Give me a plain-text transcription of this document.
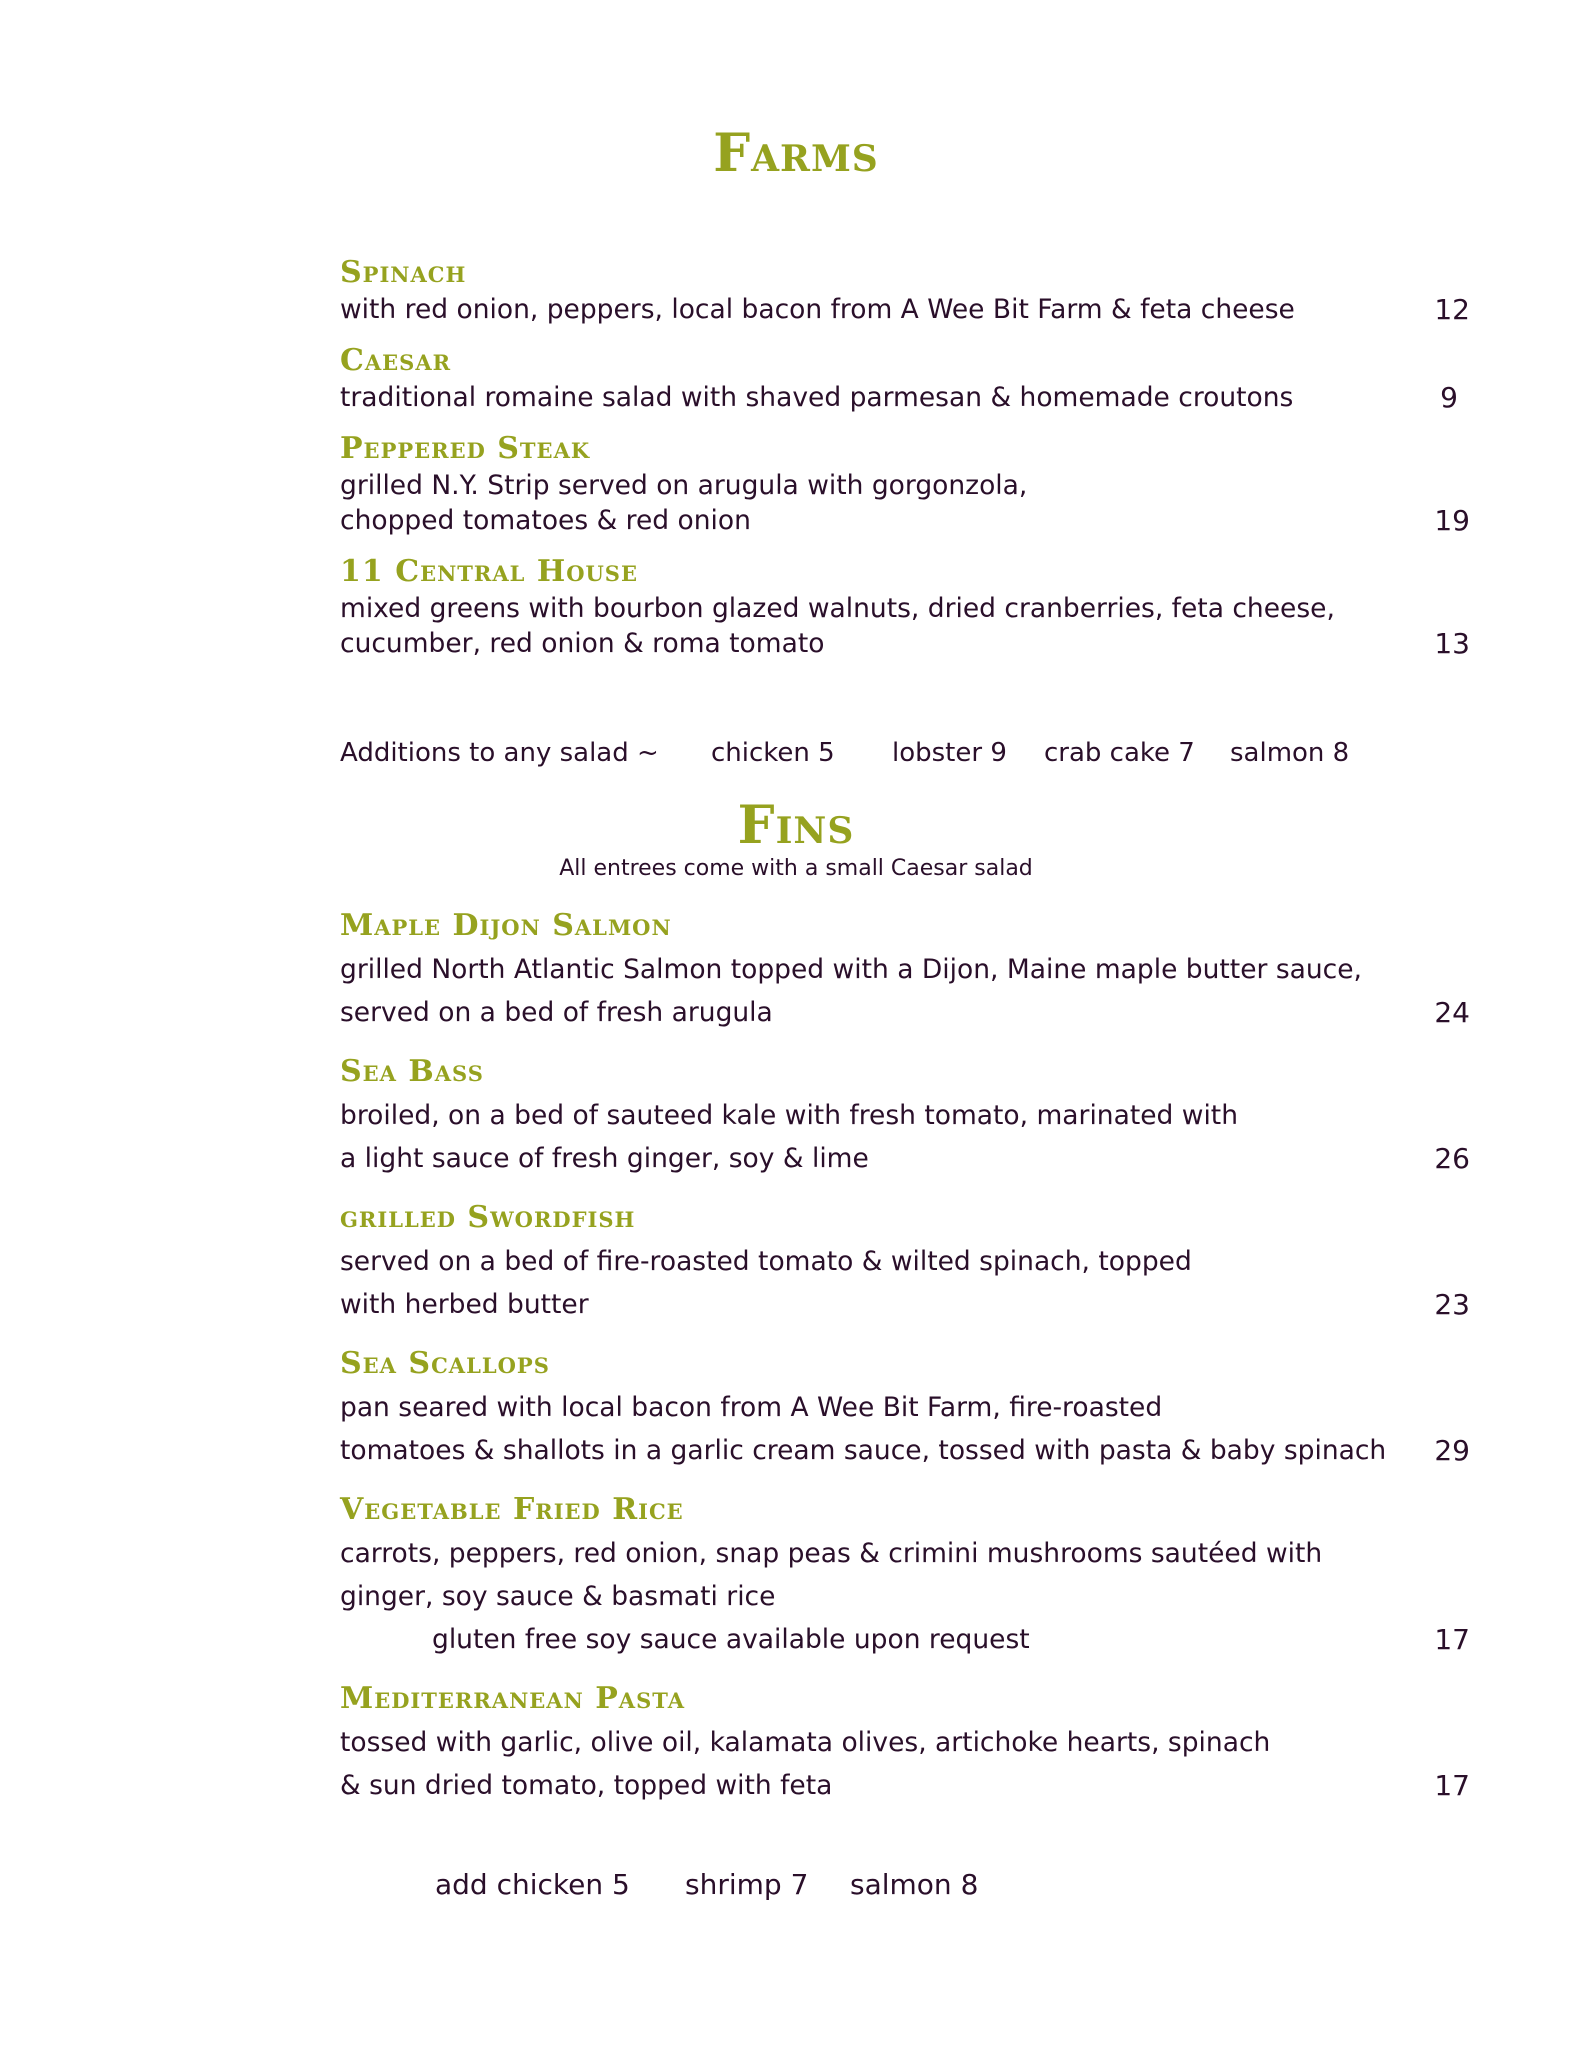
Farms
Spinach
with red onion, peppers, local bacon from A Wee Bit Farm & feta cheese	12
Caesar
traditional romaine salad with shaved parmesan & homemade croutons	9
Peppered Steak
grilled N.Y. Strip served on arugula with gorgonzola,
chopped tomatoes & red onion	19
11 Central House
mixed greens with bourbon glazed walnuts, dried cranberries, feta cheese,
cucumber, red onion & roma tomato	13
Additions to any salad ~ chicken 5 lobster 9 crab cake 7 salmon 8
Fins
All entrees come with a small Caesar salad
Maple Dijon Salmon
grilled North Atlantic Salmon topped with a Dijon, Maine maple butter sauce,
served on a bed of fresh arugula	24
Sea Bass
broiled, on a bed of sauteed kale with fresh tomato, marinated with
a light sauce of fresh ginger, soy & lime	26
grilled Swordfish
served on a bed of fire-roasted tomato & wilted spinach, topped
with herbed butter	23
Sea Scallops
pan seared with local bacon from A Wee Bit Farm, fire-roasted
tomatoes & shallots in a garlic cream sauce, tossed with pasta & baby spinach	29
Vegetable Fried Rice
carrots, peppers, red onion, snap peas & crimini mushrooms sautéed with
ginger, soy sauce & basmati rice
gluten free soy sauce available upon request	17
Mediterranean Pasta
tossed with garlic, olive oil, kalamata olives, artichoke hearts, spinach
& sun dried tomato, topped with feta	17
add chicken 5 shrimp 7 salmon 8
